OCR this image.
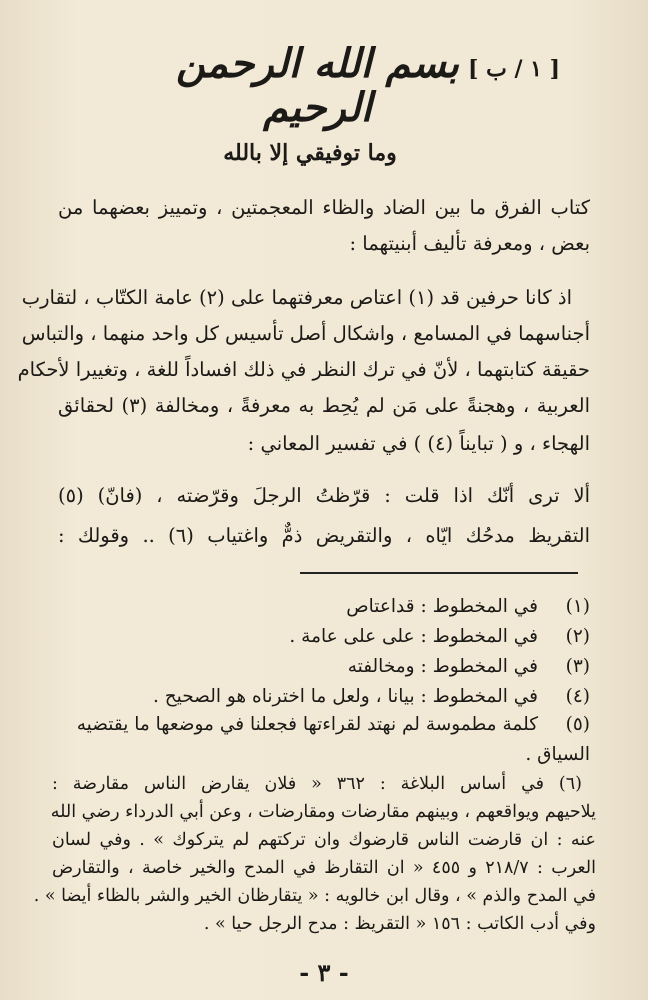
[ ١ / ب ]
بسم الله الرحمن الرحيم
وما توفيقي إلا بالله
كتاب الفرق ما بين الضاد والظاء المعجمتين ، وتمييز بعضهما من
بعض ، ومعرفة تأليف أبنيتهما :
اذ كانا حرفين قد (١) اعتاص معرفتهما على (٢) عامة الكتّاب ، لتقارب
أجناسهما في المسامع ، واشكال أصل تأسيس كل واحد منهما ، والتباس
حقيقة كتابتهما ، لأنّ في ترك النظر في ذلك افساداً للغة ، وتغييرا لأحكام
العربية ، وهجنةً على مَن لم يُحِط به معرفةً ، ومخالفة (٣) لحقائق
الهجاء ، و ( تبايناً (٤) ) في تفسير المعاني :
ألا ترى أنّك اذا قلت : قرّظتُ الرجلَ وقرّضته ، (فانّ) (٥)
التقريظ مدحُك ايّاه ، والتقريض ذمٌّ واغتياب (٦) .. وقولك :
(١)في المخطوط : قداعتاص
(٢)في المخطوط : على على عامة .
(٣)في المخطوط : ومخالفته
(٤)في المخطوط : بيانا ، ولعل ما اخترناه هو الصحيح .
(٥)كلمة مطموسة لم نهتد لقراءتها فجعلنا في موضعها ما يقتضيه
السياق .
(٦) في أساس البلاغة : ٣٦٢ « فلان يقارض الناس مقارضة :
يلاحيهم ويواقعهم ، وبينهم مقارضات ومقارضات ، وعن أبي الدرداء رضي الله
عنه : ان قارضت الناس قارضوك وان تركتهم لم يتركوك » . وفي لسان
العرب : ٢١٨/٧ و ٤٥٥ « ان التقارظ في المدح والخير خاصة ، والتقارض
في المدح والذم » ، وقال ابن خالويه : « يتقارظان الخير والشر بالظاء أيضا » .
وفي أدب الكاتب : ١٥٦ « التقريظ : مدح الرجل حيا » .
- ٣ -
